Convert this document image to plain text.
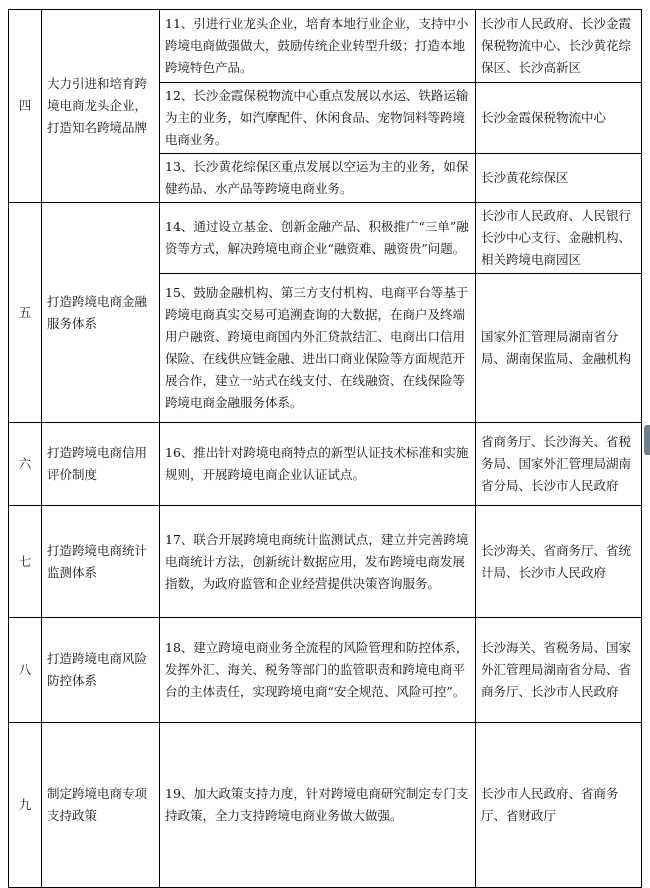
四	大力引进和培育跨境电商龙头企业，打造知名跨境品牌	11、引进行业龙头企业，培育本地行业企业，支持中小跨境电商做强做大，鼓励传统企业转型升级；打造本地跨境特色产品。	长沙市人民政府、长沙金霞保税物流中心、长沙黄花综保区、长沙高新区
		12、长沙金霞保税物流中心重点发展以水运、铁路运输为主的业务，如汽摩配件、休闲食品、宠物饲料等跨境电商业务。	长沙金霞保税物流中心
		13、长沙黄花综保区重点发展以空运为主的业务，如保健药品、水产品等跨境电商业务。	长沙黄花综保区
五	打造跨境电商金融服务体系	14、通过设立基金、创新金融产品、积极推广“三单”融资等方式，解决跨境电商企业“融资难、融资贵”问题。	长沙市人民政府、人民银行长沙中心支行、金融机构、相关跨境电商园区
		15、鼓励金融机构、第三方支付机构、电商平台等基于跨境电商真实交易可追溯查询的大数据，在商户及终端用户融资、跨境电商国内外汇贷款结汇、电商出口信用保险、在线供应链金融、进出口商业保险等方面规范开展合作，建立一站式在线支付、在线融资、在线保险等跨境电商金融服务体系。	国家外汇管理局湖南省分局、湖南保监局、金融机构
六	打造跨境电商信用评价制度	16、推出针对跨境电商特点的新型认证技术标准和实施规则，开展跨境电商企业认证试点。	省商务厅、长沙海关、省税务局、国家外汇管理局湖南省分局、长沙市人民政府
七	打造跨境电商统计监测体系	17、联合开展跨境电商统计监测试点，建立并完善跨境电商统计方法，创新统计数据应用，发布跨境电商发展指数，为政府监管和企业经营提供决策咨询服务。	长沙海关、省商务厅、省统计局、长沙市人民政府
八	打造跨境电商风险防控体系	18、建立跨境电商业务全流程的风险管理和防控体系，发挥外汇、海关、税务等部门的监管职责和跨境电商平台的主体责任，实现跨境电商“安全规范、风险可控”。	长沙海关、省税务局、国家外汇管理局湖南省分局、省商务厅、长沙市人民政府
九	制定跨境电商专项支持政策	19、加大政策支持力度，针对跨境电商研究制定专门支持政策，全力支持跨境电商业务做大做强。	长沙市人民政府、省商务厅、省财政厅
